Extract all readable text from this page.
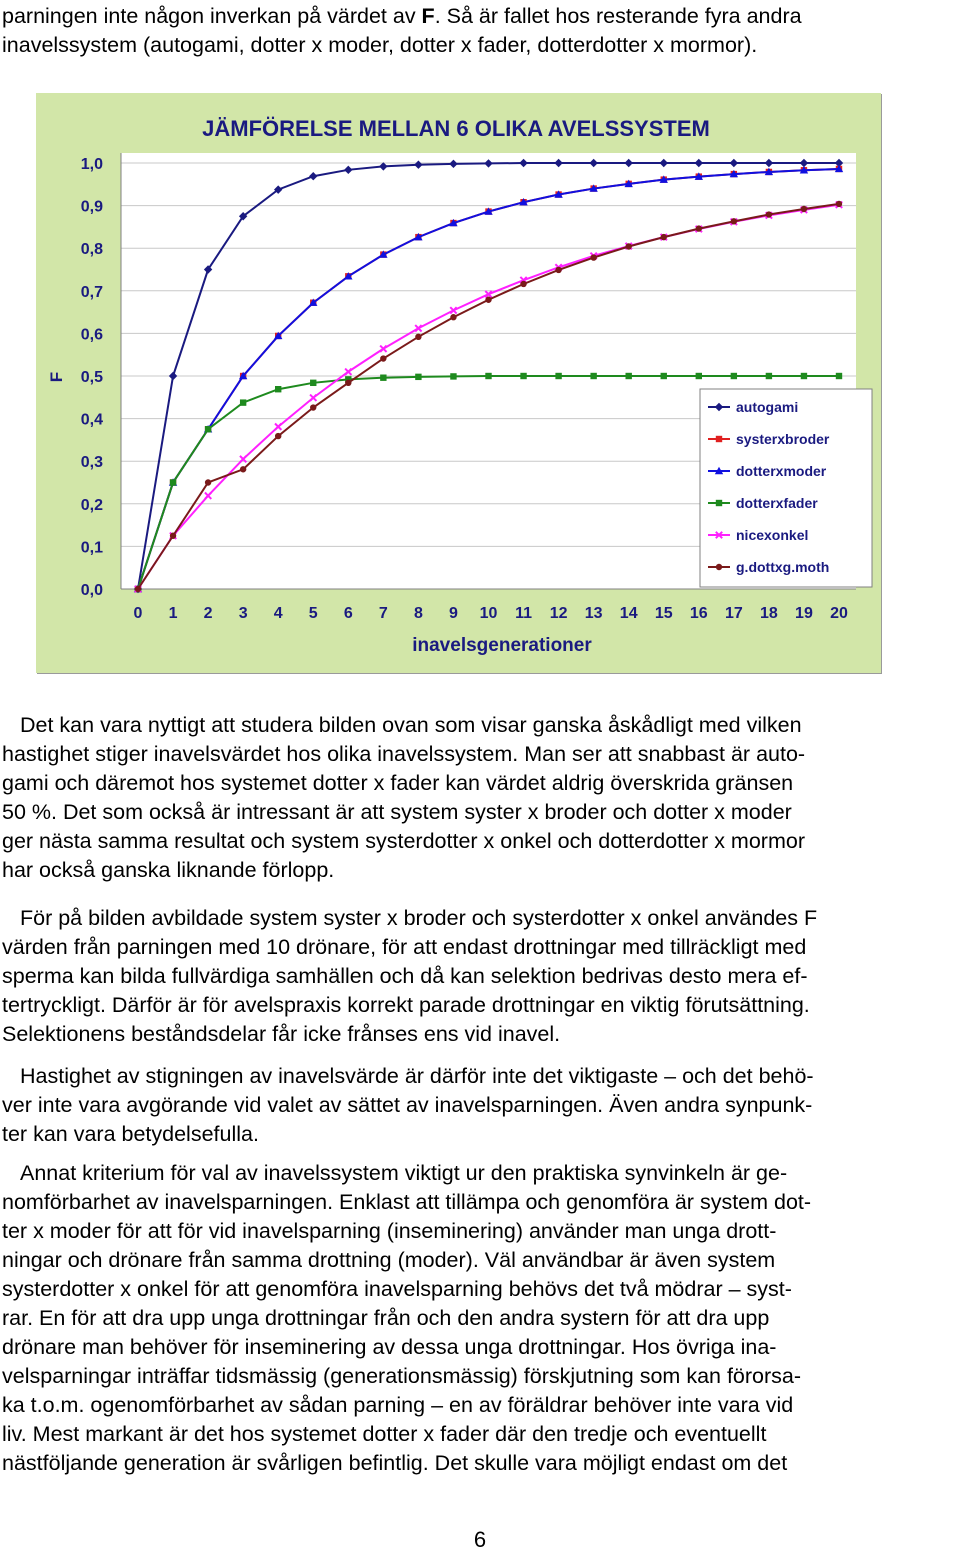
parningen inte någon inverkan på värdet av F. Så är fallet hos resterande fyra andra
inavelssystem (autogami, dotter x moder, dotter x fader, dotterdotter x mormor).
JÄMFÖRELSE MELLAN 6 OLIKA AVELSSYSTEM
0,0
0,1
0,2
0,3
0,4
0,5
0,6
0,7
0,8
0,9
1,0
0 1 2 3 4 5 6 7 8 9 10 11 12 13 14 15 16 17 18 19 20
F
inavelsgenerationer
autogami
systerxbroder
dotterxmoder
dotterxfader
nicexonkel
g.dottxg.moth
Det kan vara nyttigt att studera bilden ovan som visar ganska åskådligt med vilken
hastighet stiger inavelsvärdet hos olika inavelssystem. Man ser att snabbast är auto-
gami och däremot hos systemet dotter x fader kan värdet aldrig överskrida gränsen
50 %. Det som också är intressant är att system syster x broder och dotter x moder
ger nästa samma resultat och system systerdotter x onkel och dotterdotter x mormor
har också ganska liknande förlopp.
För på bilden avbildade system syster x broder och systerdotter x onkel användes F
värden från parningen med 10 drönare, för att endast drottningar med tillräckligt med
sperma kan bilda fullvärdiga samhällen och då kan selektion bedrivas desto mera ef-
tertryckligt. Därför är för avelspraxis korrekt parade drottningar en viktig förutsättning.
Selektionens beståndsdelar får icke frånses ens vid inavel.
Hastighet av stigningen av inavelsvärde är därför inte det viktigaste – och det behö-
ver inte vara avgörande vid valet av sättet av inavelsparningen. Även andra synpunk-
ter kan vara betydelsefulla.
Annat kriterium för val av inavelssystem viktigt ur den praktiska synvinkeln är ge-
nomförbarhet av inavelsparningen. Enklast att tillämpa och genomföra är system dot-
ter x moder för att för vid inavelsparning (inseminering) använder man unga drott-
ningar och drönare från samma drottning (moder). Väl användbar är även system
systerdotter x onkel för att genomföra inavelsparning behövs det två mödrar – syst-
rar. En för att dra upp unga drottningar från och den andra systern för att dra upp
drönare man behöver för inseminering av dessa unga drottningar. Hos övriga ina-
velsparningar inträffar tidsmässig (generationsmässig) förskjutning som kan förorsa-
ka t.o.m. ogenomförbarhet av sådan parning – en av föräldrar behöver inte vara vid
liv. Mest markant är det hos systemet dotter x fader där den tredje och eventuellt
nästföljande generation är svårligen befintlig. Det skulle vara möjligt endast om det
6
